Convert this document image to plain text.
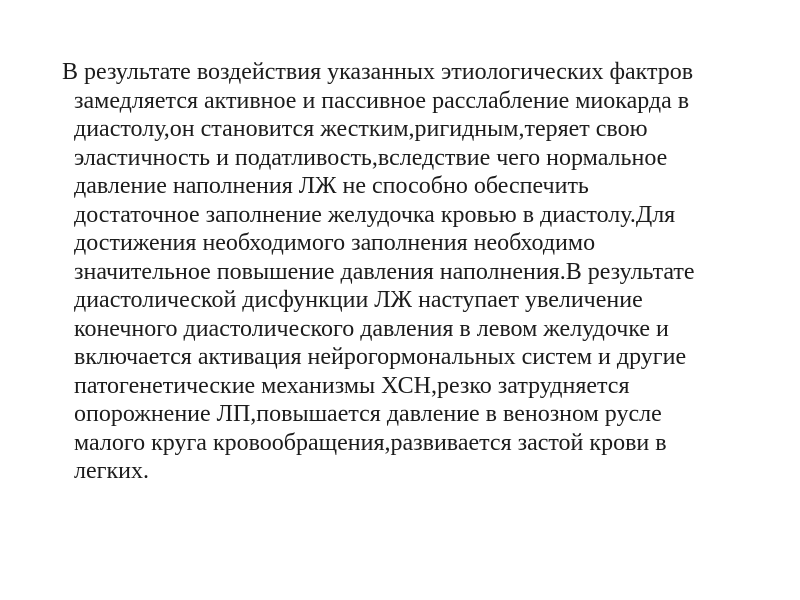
В результате воздействия указанных этиологических фактров
замедляется активное и пассивное расслабление миокарда в
диастолу,он становится жестким,ригидным,теряет свою
эластичность и податливость,вследствие чего нормальное
давление наполнения ЛЖ не способно обеспечить
достаточное заполнение желудочка кровью в диастолу.Для
достижения необходимого заполнения необходимо
значительное повышение давления наполнения.В результате
диастолической дисфункции ЛЖ наступает увеличение
конечного диастолического давления в левом желудочке и
включается активация нейрогормональных систем и другие
патогенетические механизмы ХСН,резко затрудняется
опорожнение ЛП,повышается давление в венозном русле
малого круга кровообращения,развивается застой крови в
легких.
